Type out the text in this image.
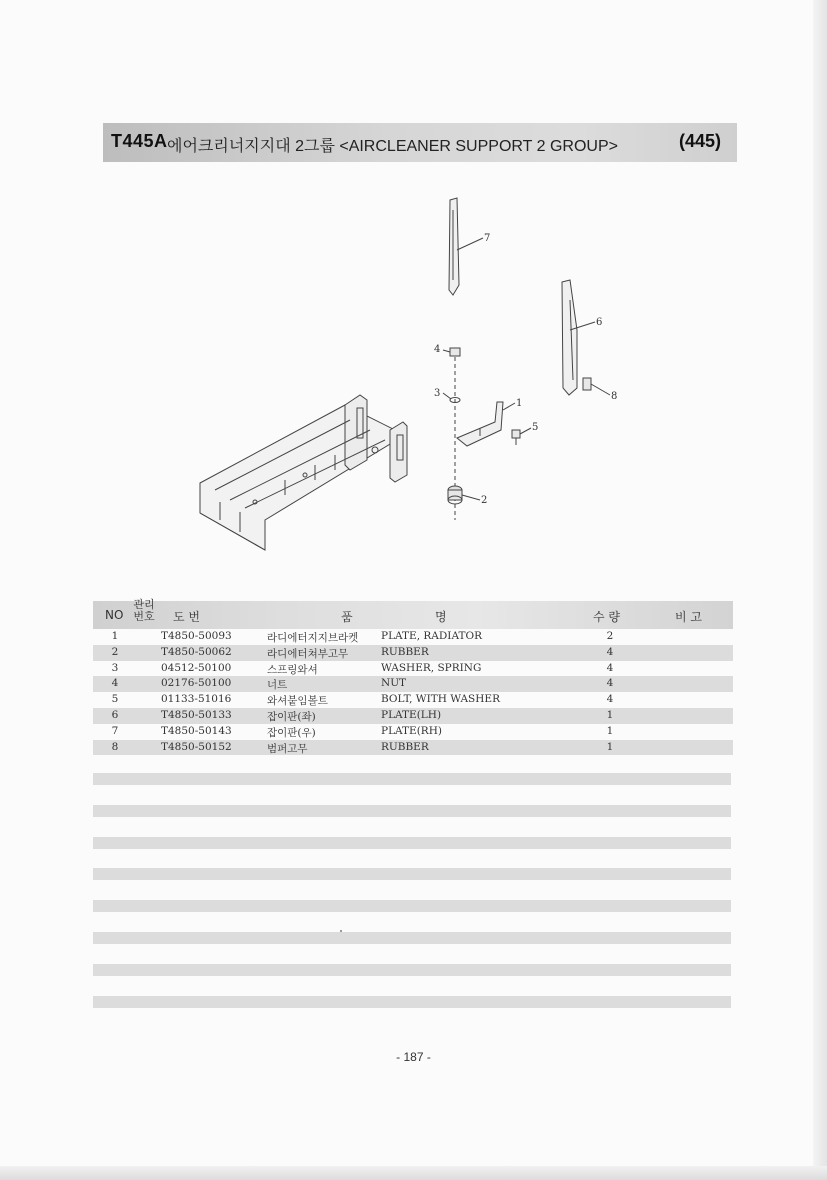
T445A 에어크리너지지대 2그룹 <AIRCLEANER SUPPORT 2 GROUP>	(445)
7
6
8
4
3
1
5
2
NO
관리
번호 도 번	품	명	수 량	비 고
1	T4850-50093	라디에터지지브라켓 PLATE, RADIATOR	2
2	T4850-50062	라디에터쳐부고무	RUBBER	4
3	04512-50100	스프링와셔	WASHER, SPRING	4
4	02176-50100	너트	NUT	4
5	01133-51016	와셔붙임볼트	BOLT, WITH WASHER	4
6	T4850-50133	잡이판(좌)	PLATE(LH)	1
7	T4850-50143	잡이판(우)	PLATE(RH)	1
8	T4850-50152	범퍼고무	RUBBER	1
- 187 -
